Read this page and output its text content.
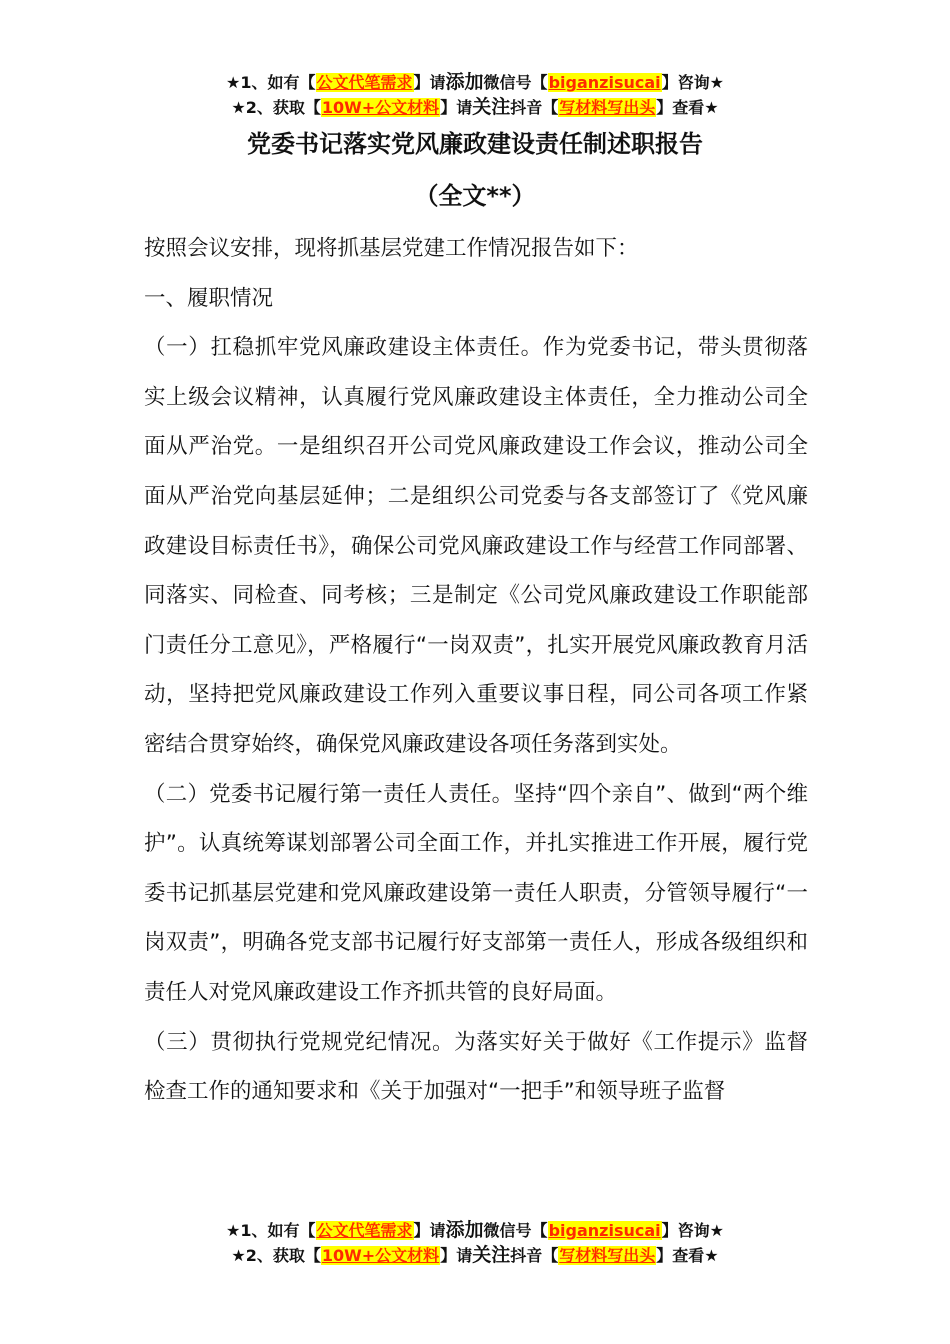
★1、如有【公文代笔需求】请添加微信号【biganzisucai】咨询★
★2、获取【10W+公文材料】请关注抖音【写材料写出头】查看★
党委书记落实党风廉政建设责任制述职报告
（全文**）

按照会议安排，现将抓基层党建工作情况报告如下：

一、履职情况

（一）扛稳抓牢党风廉政建设主体责任。作为党委书记，带头贯彻落实上级会议精神，认真履行党风廉政建设主体责任，全力推动公司全面从严治党。一是组织召开公司党风廉政建设工作会议，推动公司全面从严治党向基层延伸；二是组织公司党委与各支部签订了《党风廉政建设目标责任书》，确保公司党风廉政建设工作与经营工作同部署、同落实、同检查、同考核；三是制定《公司党风廉政建设工作职能部门责任分工意见》，严格履行“一岗双责”，扎实开展党风廉政教育月活动，坚持把党风廉政建设工作列入重要议事日程，同公司各项工作紧密结合贯穿始终，确保党风廉政建设各项任务落到实处。

（二）党委书记履行第一责任人责任。坚持“四个亲自”、做到“两个维护”。认真统筹谋划部署公司全面工作，并扎实推进工作开展，履行党委书记抓基层党建和党风廉政建设第一责任人职责，分管领导履行“一岗双责”，明确各党支部书记履行好支部第一责任人，形成各级组织和责任人对党风廉政建设工作齐抓共管的良好局面。

（三）贯彻执行党规党纪情况。为落实好关于做好《工作提示》监督检查工作的通知要求和《关于加强对“一把手”和领导班子监督

★1、如有【公文代笔需求】请添加微信号【biganzisucai】咨询★
★2、获取【10W+公文材料】请关注抖音【写材料写出头】查看★
